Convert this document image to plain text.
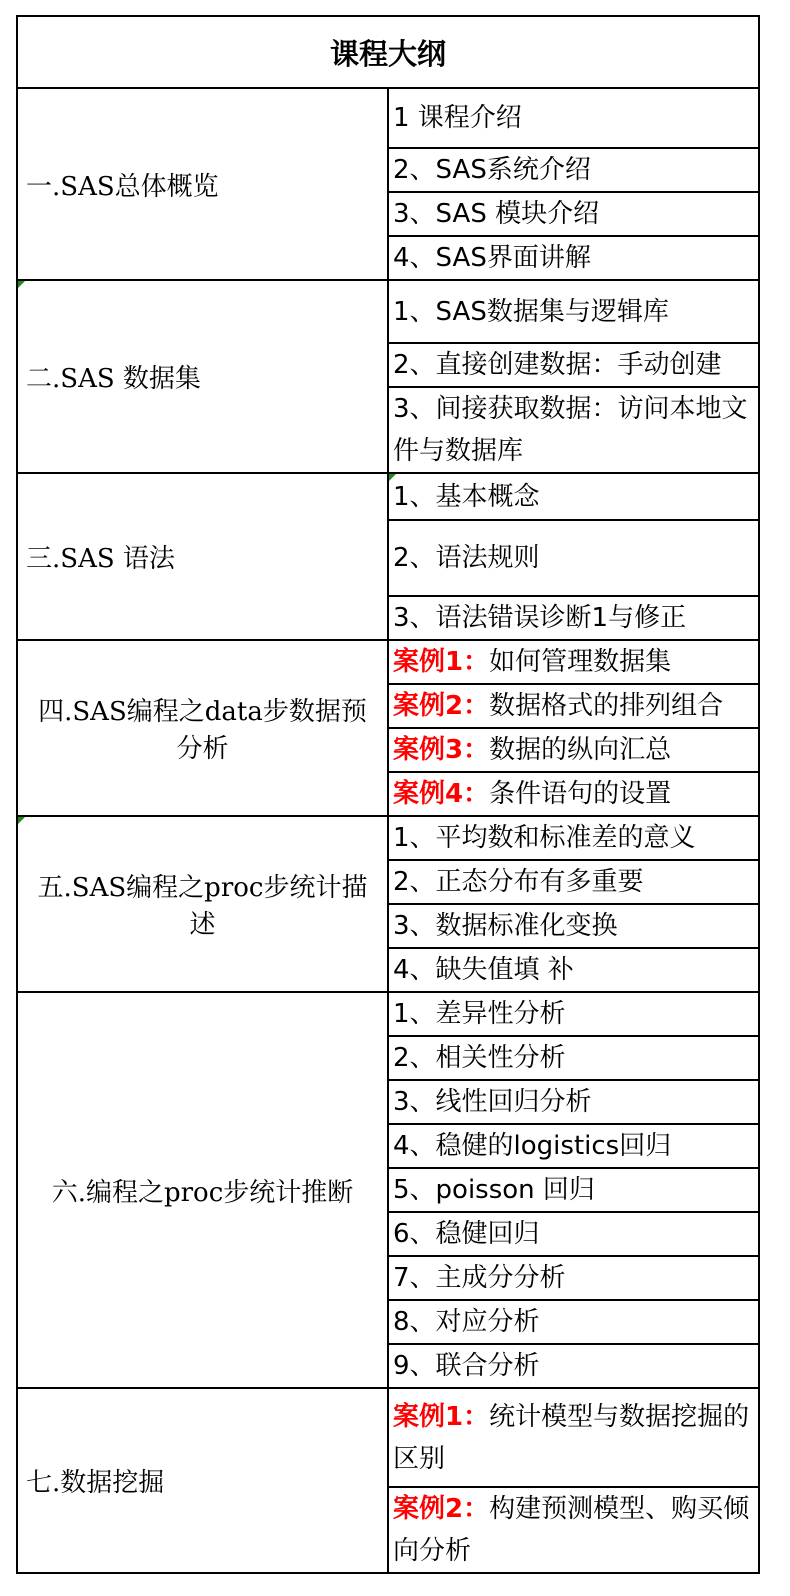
课程大纲	
一.SAS总体概览	1 课程介绍
	2、SAS系统介绍
	3、SAS 模块介绍
	4、SAS界面讲解

二.SAS 数据集	1、SAS数据集与逻辑库
	2、直接创建数据：手动创建
	3、间接获取数据：访问本地文件与数据库
三.SAS 语法	1、基本概念
	2、语法规则
	3、语法错误诊断1与修正
四.SAS编程之data步数据预分析	案例1：如何管理数据集
	案例2：数据格式的排列组合
	案例3：数据的纵向汇总
	案例4：条件语句的设置

五.SAS编程之proc步统计描述	1、平均数和标准差的意义
	2、正态分布有多重要
	3、数据标准化变换
	4、缺失值填 补
六.编程之proc步统计推断	1、差异性分析
	2、相关性分析
	3、线性回归分析
	4、稳健的logistics回归
	5、poisson 回归
	6、稳健回归
	7、主成分分析
	8、对应分析
	9、联合分析
七.数据挖掘	案例1：统计模型与数据挖掘的区别
	案例2：构建预测模型、购买倾向分析
